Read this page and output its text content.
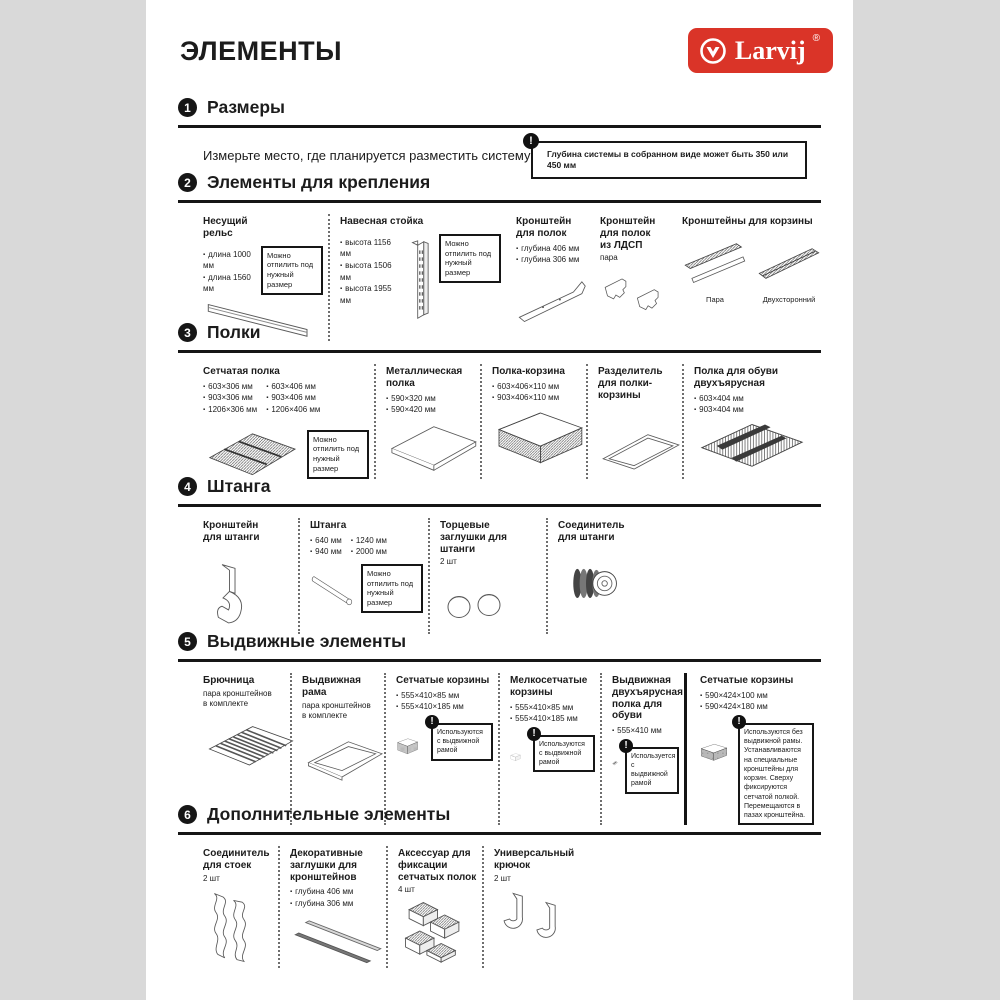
ЭЛЕМЕНТЫ	Larvij ®
1 Размеры
Измерьте место, где планируется разместить систему
!
Глубина системы в собранном виде может быть 350 или 450 мм
2 Элементы для крепления
Несущий рельс
▪ длина 1000 мм
▪ длина 1560 мм
Можно отпилить под нужный размер
Навесная стойка
▪ высота 1156 мм
▪ высота 1506 мм
▪ высота 1955 мм
Можно отпилить под нужный размер
Кронштейн для полок
▪ глубина 406 мм
▪ глубина 306 мм
Кронштейн для полок из ЛДСП
пара
Кронштейны для корзины
Пара	Двухсторонний
3 Полки
Сетчатая полка
▪ 603×306 мм	▪ 603×406 мм
▪ 903×306 мм	▪ 903×406 мм
▪ 1206×306 мм	▪ 1206×406 мм
Можно отпилить под нужный размер
Металлическая полка
▪ 590×320 мм
▪ 590×420 мм
Полка-корзина
▪ 603×406×110 мм
▪ 903×406×110 мм
Разделитель для полки-корзины
Полка для обуви двухъярусная
▪ 603×404 мм
▪ 903×404 мм
4 Штанга
Кронштейн для штанги
Штанга
▪ 640 мм	▪ 1240 мм
▪ 940 мм	▪ 2000 мм
Можно отпилить под нужный размер
Торцевые заглушки для штанги
2 шт
Соединитель для штанги
5 Выдвижные элементы
Брючница
пара кронштейнов в комплекте
Выдвижная рама
пара кронштейнов в комплекте
Сетчатые корзины
▪ 555×410×85 мм
▪ 555×410×185 мм
!
Используются с выдвижной рамой
Мелкосетчатые корзины
▪ 555×410×85 мм
▪ 555×410×185 мм
!
Используются с выдвижной рамой
Выдвижная двухъярусная полка для обуви
▪ 555×410 мм
!
Используется с выдвижной рамой
Сетчатые корзины
▪ 590×424×100 мм
▪ 590×424×180 мм
!
Используются без выдвижной рамы. Устанавливаются на специальные кронштейны для корзин. Сверху фиксируются сетчатой полкой. Перемещаются в пазах кронштейна.
6 Дополнительные элементы
Соединитель для стоек
2 шт
Декоративные заглушки для кронштейнов
▪ глубина 406 мм
▪ глубина 306 мм
Аксессуар для фиксации сетчатых полок
4 шт
Универсальный крючок
2 шт
